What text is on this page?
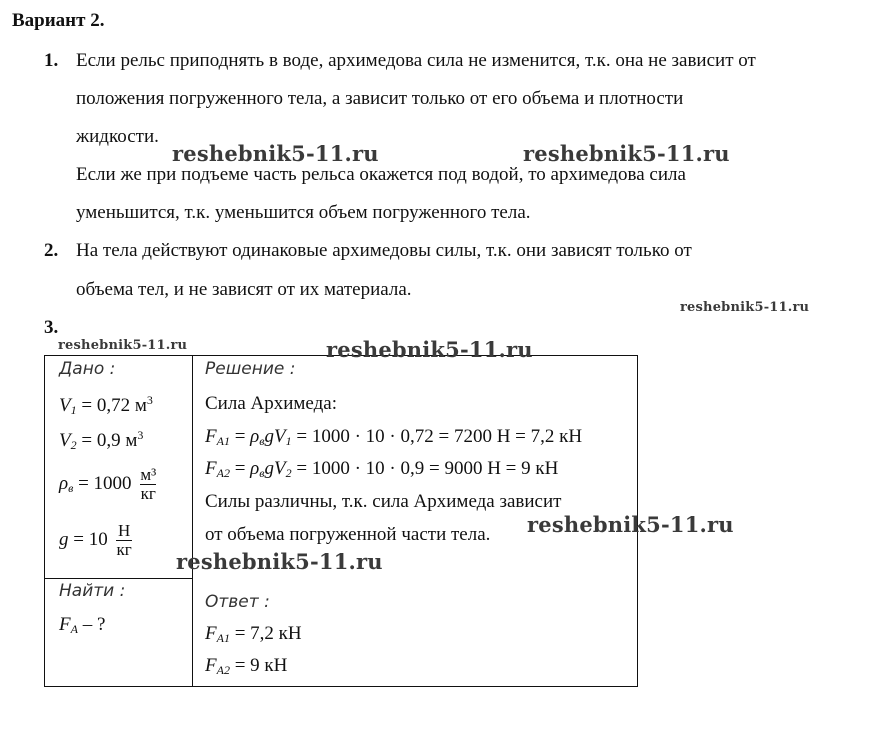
Вариант 2.
1. Если рельс приподнять в воде, архимедова сила не изменится, т.к. она не зависит от
положения погруженного тела, а зависит только от его объема и плотности
жидкости.
Если же при подъеме часть рельса окажется под водой, то архимедова сила
уменьшится, т.к. уменьшится объем погруженного тела.
2. На тела действуют одинаковые архимедовы силы, т.к. они зависят только от
объема тел, и не зависят от их материала.
3.
Дано :
$V_1 = 0,72$ $м^3$
$V_2 = 0,9$ $м^3$
$\rho_в = 1000 \frac{\text{м³}}{кг}$
$g = 10 \frac{Н}{кг}$
Найти :
$F_A$ – ?
Решение :
Сила Архимеда:
$F_{A1} = \rho_вgV_1 = 1000 \cdot 10 \cdot 0,72 = 7200$ Н = 7,2 кН
$F_{A2} = \rho_вgV_2 = 1000 \cdot 10 \cdot 0,9 = 9000$ Н = 9 кН
Силы различны, т.к. сила Архимеда зависит
от объема погруженной части тела.
Ответ :
$F_{A1} = 7,2$ кН
$F_{A2} = 9$ кН
reshebnik5-11.ru	reshebnik5-11.ru
reshebnik5-11.ru
reshebnik5-11.ru	reshebnik5-11.ru
reshebnik5-11.ru
reshebnik5-11.ru
